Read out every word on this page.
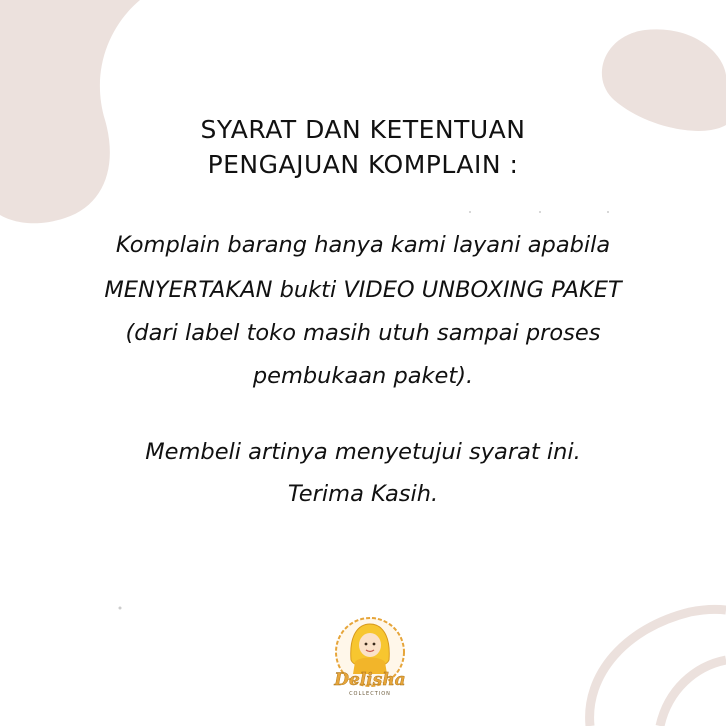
SYARAT DAN KETENTUAN
PENGAJUAN KOMPLAIN :

Komplain barang hanya kami layani apabila

MENYERTAKAN bukti VIDEO UNBOXING PAKET

(dari label toko masih utuh sampai proses

pembukaan paket).

Membeli artinya menyetujui syarat ini.

Terima Kasih.

Delisha
COLLECTION
